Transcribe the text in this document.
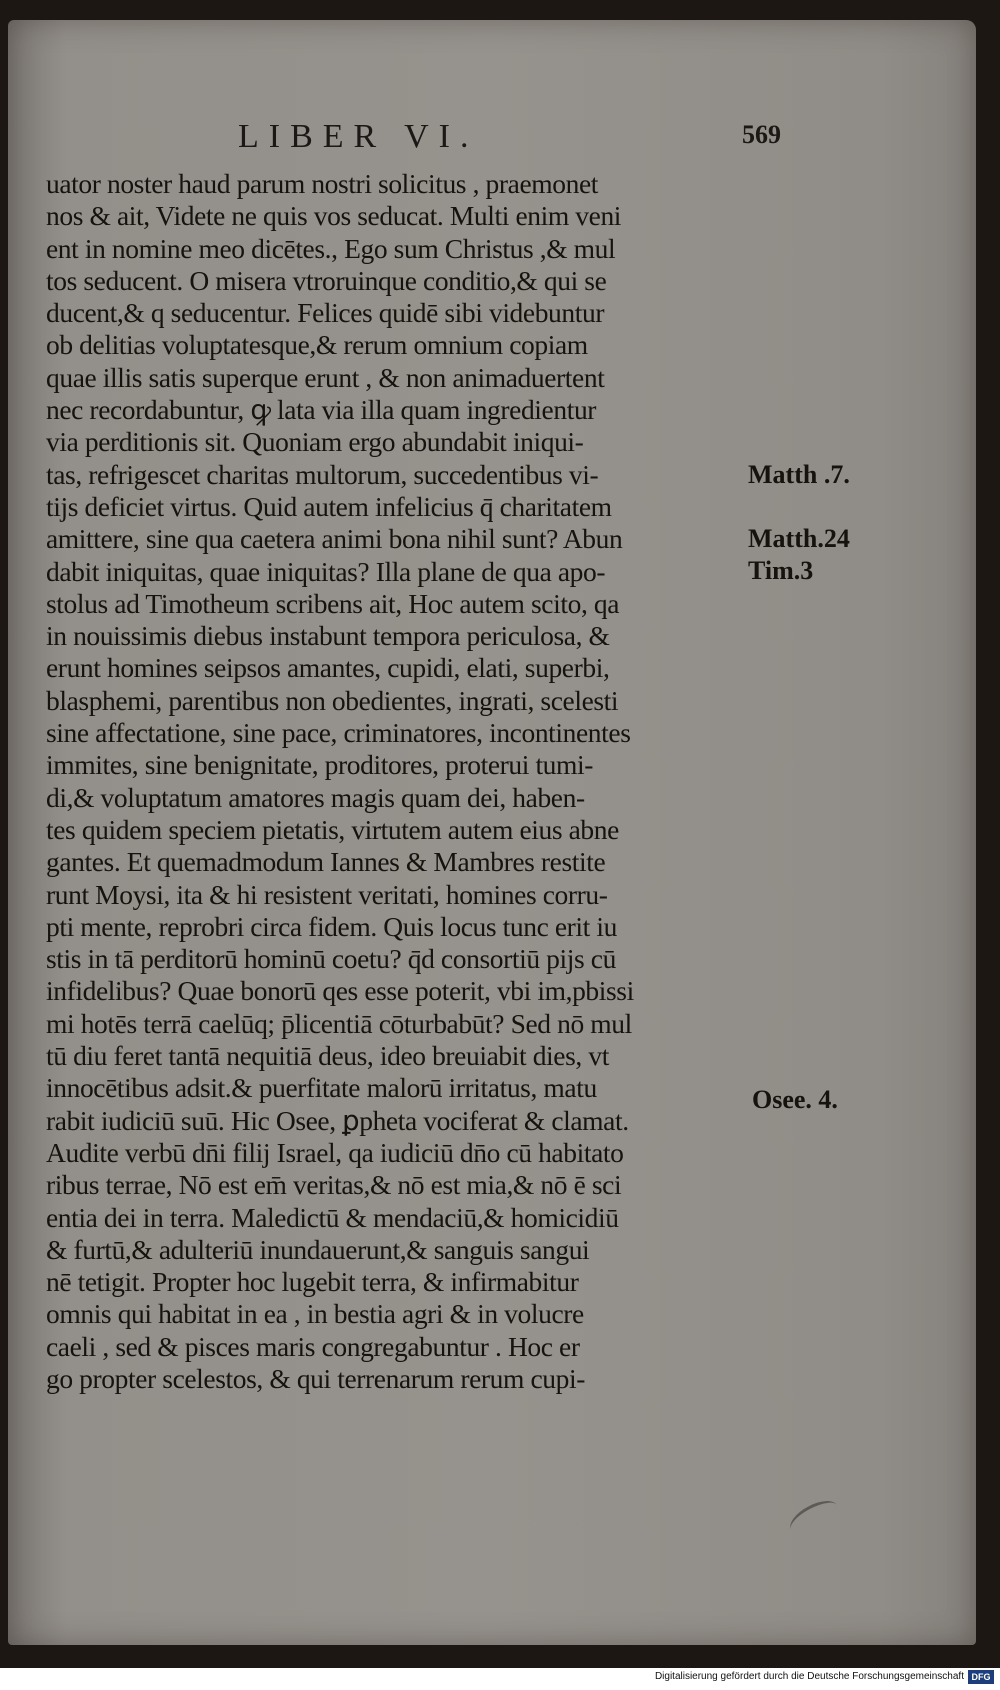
LIBER VI.	569
uator noster haud parum nostri solicitus , praemonet
nos & ait, Videte ne quis vos seducat. Multi enim veni
ent in nomine meo dicētes., Ego sum Christus ,& mul
tos seducent. O misera vtroruinque conditio,& qui se
ducent,& q seducentur. Felices quidē sibi videbuntur
ob delitias voluptatesque,& rerum omnium copiam
quae illis satis superque erunt , & non animaduertent
nec recordabuntur, ꝙ lata via illa quam ingredientur
via perditionis sit. Quoniam ergo abundabit iniqui-
tas, refrigescet charitas multorum, succedentibus vi-
tijs deficiet virtus. Quid autem infelicius q̄ charitatem
amittere, sine qua caetera animi bona nihil sunt? Abun
dabit iniquitas, quae iniquitas? Illa plane de qua apo-
stolus ad Timotheum scribens ait, Hoc autem scito, qa
in nouissimis diebus instabunt tempora periculosa, &
erunt homines seipsos amantes, cupidi, elati, superbi,
blasphemi, parentibus non obedientes, ingrati, scelesti
sine affectatione, sine pace, criminatores, incontinentes
immites, sine benignitate, proditores, proterui tumi-
di,& voluptatum amatores magis quam dei, haben-
tes quidem speciem pietatis, virtutem autem eius abne
gantes. Et quemadmodum Iannes & Mambres restite
runt Moysi, ita & hi resistent veritati, homines corru-
pti mente, reprobri circa fidem. Quis locus tunc erit iu
stis in tā perditorū hominū coetu? q̄d consortiū pijs cū
infidelibus? Quae bonorū qes esse poterit, vbi im,pbissi
mi hotēs terrā caelūq; p̄licentiā cōturbabūt? Sed nō mul
tū diu feret tantā nequitiā deus, ideo breuiabit dies, vt
innocētibus adsit.& puerfitate malorū irritatus, matu
rabit iudiciū suū. Hic Osee, ꝑpheta vociferat & clamat.
Audite verbū dn̄i filij Israel, qa iudiciū dn̄o cū habitato
ribus terrae, Nō est em̄ veritas,& nō est mia,& nō ē sci
entia dei in terra. Maledictū & mendaciū,& homicidiū
& furtū,& adulteriū inundauerunt,& sanguis sangui
nē tetigit. Propter hoc lugebit terra, & infirmabitur
omnis qui habitat in ea , in bestia agri & in volucre
caeli , sed & pisces maris congregabuntur . Hoc er
go propter scelestos, & qui terrenarum rerum cupi-
Matth .7.
Matth.24
Tim.3
Osee. 4.
Digitalisierung gefördert durch die Deutsche Forschungsgemeinschaft DFG
